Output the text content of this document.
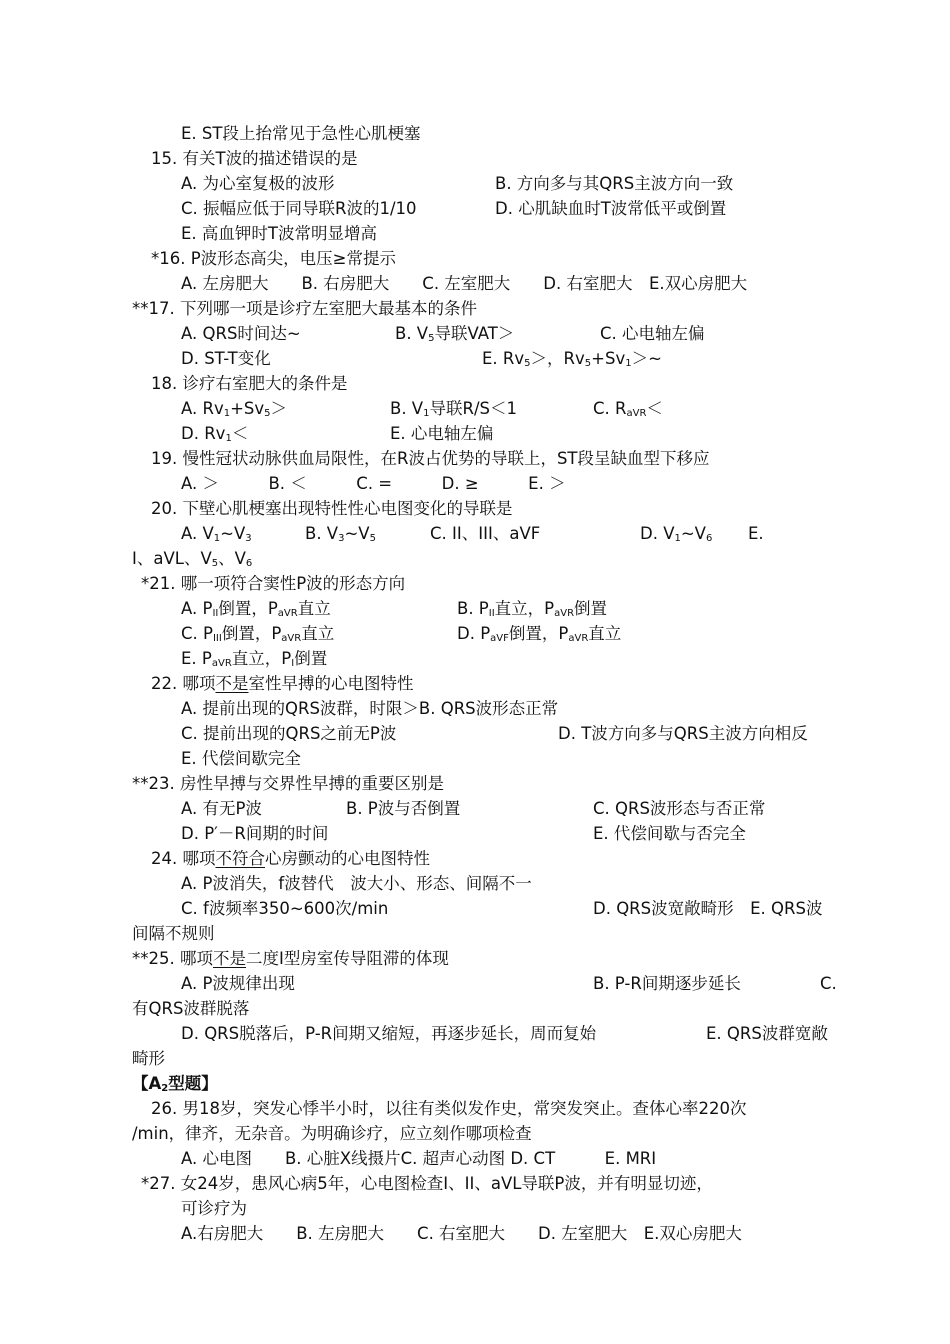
E. ST段上抬常见于急性心肌梗塞
15. 有关T波的描述错误的是
A. 为心室复极的波形	B. 方向多与其QRS主波方向一致
C. 振幅应低于同导联R波的1/10	D. 心肌缺血时T波常低平或倒置
E. 高血钾时T波常明显增高
*16. P波形态高尖，电压≥常提示
A. 左房肥大　　B. 右房肥大　　C. 左室肥大　　D. 右室肥大　E.双心房肥大
**17. 下列哪一项是诊疗左室肥大最基本的条件
A. QRS时间达~	B. $V_5$导联VAT＞	C. 心电轴左偏
D. ST-T变化	E. $Rv_5>$，$Rv_5+Sv_1>\sim$
18. 诊疗右室肥大的条件是
A. $Rv_1+Sv_5>$	B. $V_1$导联R/S＜1	C. $R_{aVR}<$
D. $Rv_1<$	E. 心电轴左偏
19. 慢性冠状动脉供血局限性，在R波占优势的导联上，ST段呈缺血型下移应
A. ＞　　　B. ＜　　　C. =　　　D. ≥　　　E. ＞
20. 下壁心肌梗塞出现特性性心电图变化的导联是
A. $V_1\sim V_3$	B. $V_3\sim V_5$	C. II、III、aVF	D. $V_1\sim V_6$ E.
I、aVL、$V_5$、$V_6$
*21. 哪一项符合窦性P波的形态方向
A. $P_{II}$倒置，$P_{aVR}$直立	B. $P_{II}$直立，$P_{aVR}$倒置
C. $P_{III}$倒置，$P_{aVR}$直立	D. $P_{aVF}$倒置，$P_{aVR}$直立
E. $P_{aVR}$直立，$P_I$倒置
22. 哪项不是室性早搏的心电图特性
A. 提前出现的QRS波群，时限＞B. QRS波形态正常
C. 提前出现的QRS之前无P波	D. T波方向多与QRS主波方向相反
E. 代偿间歇完全
**23. 房性早搏与交界性早搏的重要区别是
A. 有无P波	B. P波与否倒置	C. QRS波形态与否正常
D. P′－R间期的时间	E. 代偿间歇与否完全
24. 哪项不符合心房颤动的心电图特性
A. P波消失，f波替代　波大小、形态、间隔不一
C. f波频率350~600次/min	D. QRS波宽敞畸形　E. QRS波
间隔不规则
**25. 哪项不是二度I型房室传导阻滞的体现
A. P波规律出现	B. P-R间期逐步延长	C.
有QRS波群脱落
D. QRS脱落后，P-R间期又缩短，再逐步延长，周而复始	E. QRS波群宽敞
畸形
【$A_2$型题】
26. 男18岁，突发心悸半小时，以往有类似发作史，常突发突止。查体心率220次
/min，律齐，无杂音。为明确诊疗，应立刻作哪项检查
A. 心电图　　B. 心脏X线摄片C. 超声心动图 D. CT　　　E. MRI
*27. 女24岁，患风心病5年，心电图检查I、II、aVL导联P波，并有明显切迹，
可诊疗为
A.右房肥大　　B. 左房肥大　　C. 右室肥大　　D. 左室肥大　E.双心房肥大
